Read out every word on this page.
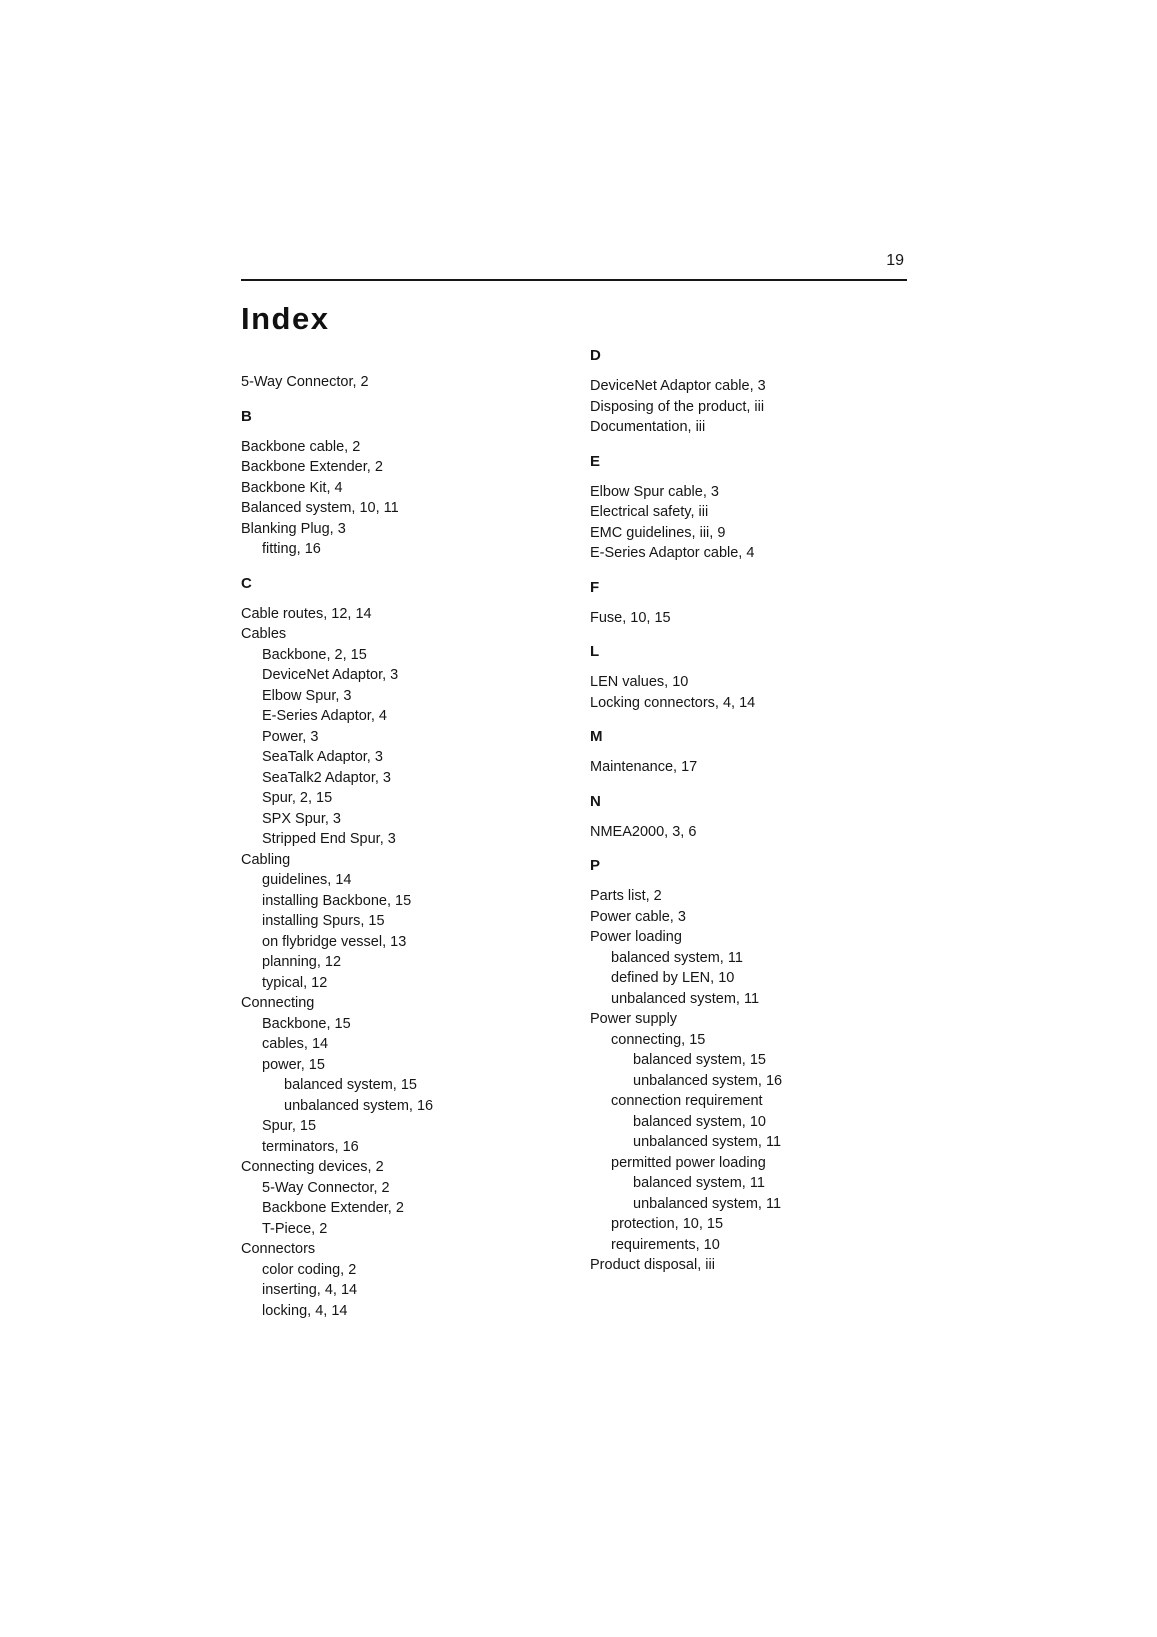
19
Index
5-Way Connector, 2
B
Backbone cable, 2
Backbone Extender, 2
Backbone Kit, 4
Balanced system, 10, 11
Blanking Plug, 3
fitting, 16
C
Cable routes, 12, 14
Cables
Backbone, 2, 15
DeviceNet Adaptor, 3
Elbow Spur, 3
E-Series Adaptor, 4
Power, 3
SeaTalk Adaptor, 3
SeaTalk2 Adaptor, 3
Spur, 2, 15
SPX Spur, 3
Stripped End Spur, 3
Cabling
guidelines, 14
installing Backbone, 15
installing Spurs, 15
on flybridge vessel, 13
planning, 12
typical, 12
Connecting
Backbone, 15
cables, 14
power, 15
balanced system, 15
unbalanced system, 16
Spur, 15
terminators, 16
Connecting devices, 2
5-Way Connector, 2
Backbone Extender, 2
T-Piece, 2
Connectors
color coding, 2
inserting, 4, 14
locking, 4, 14
D
DeviceNet Adaptor cable, 3
Disposing of the product, iii
Documentation, iii
E
Elbow Spur cable, 3
Electrical safety, iii
EMC guidelines, iii, 9
E-Series Adaptor cable, 4
F
Fuse, 10, 15
L
LEN values, 10
Locking connectors, 4, 14
M
Maintenance, 17
N
NMEA2000, 3, 6
P
Parts list, 2
Power cable, 3
Power loading
balanced system, 11
defined by LEN, 10
unbalanced system, 11
Power supply
connecting, 15
balanced system, 15
unbalanced system, 16
connection requirement
balanced system, 10
unbalanced system, 11
permitted power loading
balanced system, 11
unbalanced system, 11
protection, 10, 15
requirements, 10
Product disposal, iii
